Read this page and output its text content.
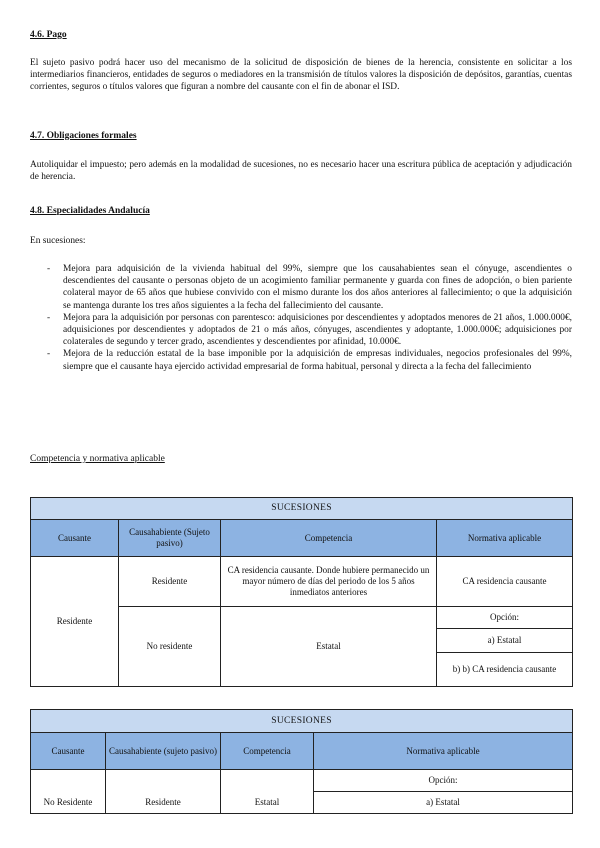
4.6. Pago

El sujeto pasivo podrá hacer uso del mecanismo de la solicitud de disposición de bienes de la herencia, consistente en solicitar a los intermediarios financieros, entidades de seguros o mediadores en la transmisión de títulos valores la disposición de depósitos, garantías, cuentas corrientes, seguros o títulos valores que figuran a nombre del causante con el fin de abonar el ISD.

4.7. Obligaciones formales

Autoliquidar el impuesto; pero además en la modalidad de sucesiones, no es necesario hacer una escritura pública de aceptación y adjudicación de herencia.

4.8. Especialidades Andalucía

En sucesiones:

- Mejora para adquisición de la vivienda habitual del 99%, siempre que los causahabientes sean el cónyuge, ascendientes o descendientes del causante o personas objeto de un acogimiento familiar permanente y guarda con fines de adopción, o bien pariente colateral mayor de 65 años que hubiese convivido con el mismo durante los dos años anteriores al fallecimiento; o que la adquisición se mantenga durante los tres años siguientes a la fecha del fallecimiento del causante.
- Mejora para la adquisición por personas con parentesco: adquisiciones por descendientes y adoptados menores de 21 años, 1.000.000€, adquisiciones por descendientes y adoptados de 21 o más años, cónyuges, ascendientes y adoptante, 1.000.000€; adquisiciones por colaterales de segundo y tercer grado, ascendientes y descendientes por afinidad, 10.000€.
- Mejora de la reducción estatal de la base imponible por la adquisición de empresas individuales, negocios profesionales del 99%, siempre que el causante haya ejercido actividad empresarial de forma habitual, personal y directa a la fecha del fallecimiento
Competencia y normativa aplicable
SUCESIONES			
Causante	Causahabiente (Sujeto pasivo)	Competencia	Normativa aplicable
Residente	Residente	CA residencia causante. Donde hubiere permanecido un mayor número de días del periodo de los 5 años inmediatos anteriores	CA residencia causante
	No residente	Estatal	Opción:
			a) Estatal
			b) b) CA residencia causante
SUCESIONES			
Causante	Causahabiente (sujeto pasivo)	Competencia	Normativa aplicable
No Residente	Residente	Estatal	Opción:
			a) Estatal
